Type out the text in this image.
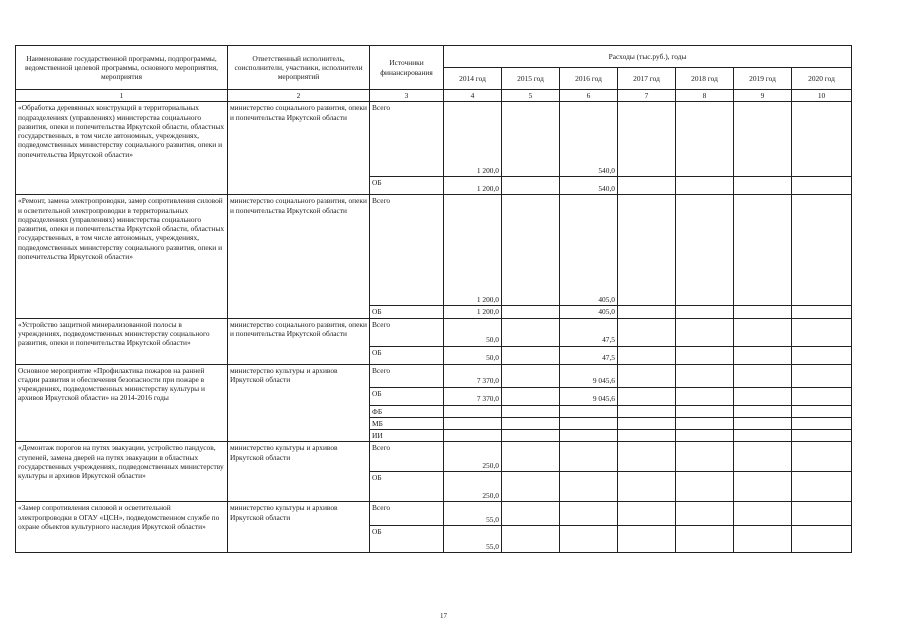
Наименование государственной программы, подпрограммы, ведомственной целевой программы, основного мероприятия, мероприятия	Ответственный исполнитель, соисполнители, участники, исполнители мероприятий	Источники финансирования	Расходы (тыс.руб.), годы						
			2014 год	2015 год	2016 год	2017 год	2018 год	2019 год	2020 год
1	2	3	4	5	6	7	8	9	10
«Обработка деревянных конструкций в территориальных подразделениях (управлениях) министерства социального развития, опеки и попечительства Иркутской области, областных государственных, в том числе автономных, учреждениях, подведомственных министерству социального развития, опеки и попечительства Иркутской области»	министерство социального развития, опеки и попечительства Иркутской области	Всего	1 200,0		540,0				
		ОБ	1 200,0		540,0				
«Ремонт, замена электропроводки, замер сопротивления силовой и осветительной электропроводки в территориальных подразделениях (управлениях) министерства социального развития, опеки и попечительства Иркутской области, областных государственных, в том числе автономных, учреждениях, подведомственных министерству социального развития, опеки и попечительства Иркутской области»	министерство социального развития, опеки и попечительства Иркутской области	Всего	1 200,0		405,0				
		ОБ	1 200,0		405,0				
«Устройство защитной минерализованной полосы в учреждениях, подведомственных министерству социального развития, опеки и попечительства Иркутской области»	министерство социального развития, опеки и попечительства Иркутской области	Всего	50,0		47,5				
		ОБ	50,0		47,5				
Основное мероприятие «Профилактика пожаров на ранней стадии развития и обеспечения безопасности при пожаре в учреждениях, подведомственных министерству культуры и архивов Иркутской области» на 2014-2016 годы	министерство культуры и архивов Иркутской области	Всего	7 370,0		9 045,6				
		ОБ	7 370,0		9 045,6				
		ФБ							
		МБ							
		ИИ							
«Демонтаж порогов на путях эвакуации, устройство пандусов, ступеней, замена дверей на путях эвакуации в областных государственных учреждениях, подведомственных министерству культуры и архивов Иркутской области»	министерство культуры и архивов Иркутской области	Всего	250,0						
		ОБ	250,0						
«Замер сопротивления силовой и осветительной электропроводки в ОГАУ «ЦСН», подведомственном службе по охране объектов культурного наследия Иркутской области»	министерство культуры и архивов Иркутской области	Всего	55,0						
		ОБ	55,0						
17
